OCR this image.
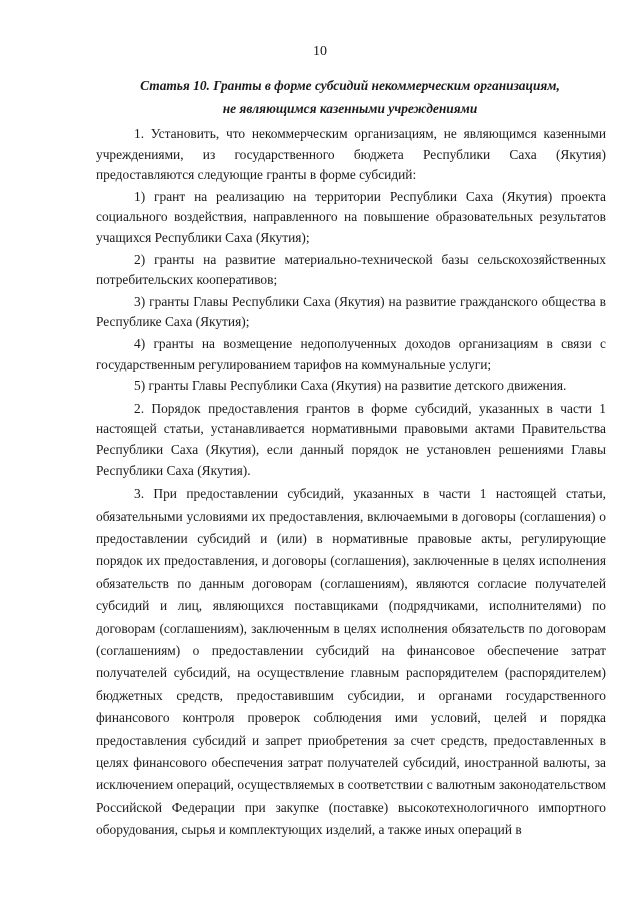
10
Статья 10. Гранты в форме субсидий некоммерческим организациям,
не являющимся казенными учреждениями

1. Установить, что некоммерческим организациям, не являющимся казенными учреждениями, из государственного бюджета Республики Саха (Якутия) предоставляются следующие гранты в форме субсидий:

1) грант на реализацию на территории Республики Саха (Якутия) проекта социального воздействия, направленного на повышение образовательных результатов учащихся Республики Саха (Якутия);

2) гранты на развитие материально-технической базы сельскохозяйственных потребительских кооперативов;

3) гранты Главы Республики Саха (Якутия) на развитие гражданского общества в Республике Саха (Якутия);

4) гранты на возмещение недополученных доходов организациям в связи с государственным регулированием тарифов на коммунальные услуги;

5) гранты Главы Республики Саха (Якутия) на развитие детского движения.

2. Порядок предоставления грантов в форме субсидий, указанных в части 1 настоящей статьи, устанавливается нормативными правовыми актами Правительства Республики Саха (Якутия), если данный порядок не установлен решениями Главы Республики Саха (Якутия).

3. При предоставлении субсидий, указанных в части 1 настоящей статьи, обязательными условиями их предоставления, включаемыми в договоры (соглашения) о предоставлении субсидий и (или) в нормативные правовые акты, регулирующие порядок их предоставления, и договоры (соглашения), заключенные в целях исполнения обязательств по данным договорам (соглашениям), являются согласие получателей субсидий и лиц, являющихся поставщиками (подрядчиками, исполнителями) по договорам (соглашениям), заключенным в целях исполнения обязательств по договорам (соглашениям) о предоставлении субсидий на финансовое обеспечение затрат получателей субсидий, на осуществление главным распорядителем (распорядителем) бюджетных средств, предоставившим субсидии, и органами государственного финансового контроля проверок соблюдения ими условий, целей и порядка предоставления субсидий и запрет приобретения за счет средств, предоставленных в целях финансового обеспечения затрат получателей субсидий, иностранной валюты, за исключением операций, осуществляемых в соответствии с валютным законодательством Российской Федерации при закупке (поставке) высокотехнологичного импортного оборудования, сырья и комплектующих изделий, а также иных операций в
